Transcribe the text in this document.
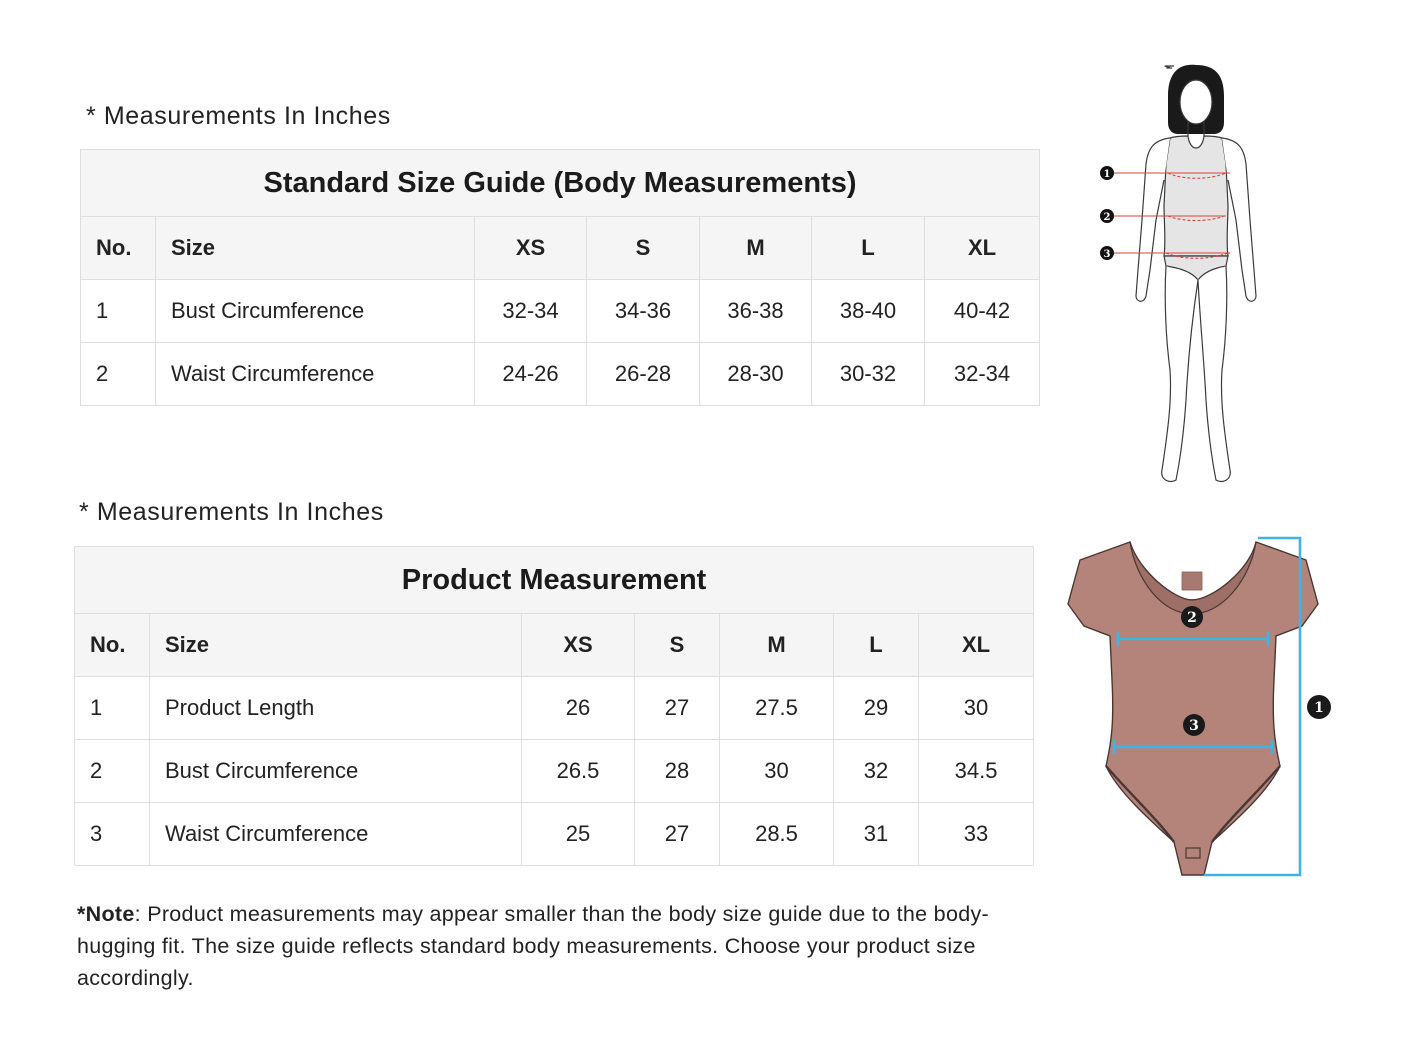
* Measurements In Inches
Standard Size Guide (Body Measurements)						
No.	Size	XS	S	M	L	XL
1	Bust Circumference	32-34	34-36	36-38	38-40	40-42
2	Waist Circumference	24-26	26-28	28-30	30-32	32-34
* Measurements In Inches
Product Measurement						
No.	Size	XS	S	M	L	XL
1	Product Length	26	27	27.5	29	30
2	Bust Circumference	26.5	28	30	32	34.5
3	Waist Circumference	25	27	28.5	31	33
*Note: Product measurements may appear smaller than the body size guide due to the body-hugging fit. The size guide reflects standard body measurements. Choose your product size accordingly.
1
2
3
2
3
1
